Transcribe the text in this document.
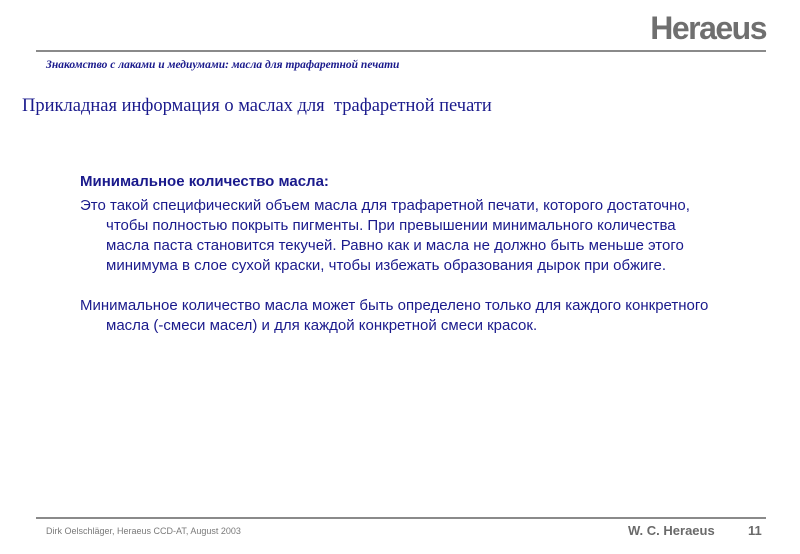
Heraeus
Знакомство с лаками и медиумами: масла для трафаретной печати
Прикладная информация о маслах для  трафаретной печати
Минимальное количество масла:

Это такой специфический объем масла для трафаретной печати, которого достаточно, чтобы полностью покрыть пигменты. При превышении минимального количества масла паста становится текучей. Равно как и масла не должно быть меньше этого минимума в слое сухой краски, чтобы избежать образования дырок при обжиге.

Минимальное количество масла может быть определено только для каждого конкретного масла (-смеси масел) и для каждой конкретной смеси красок.

Dirk Oelschläger, Heraeus CCD-AT, August 2003	W. C. Heraeus	11
